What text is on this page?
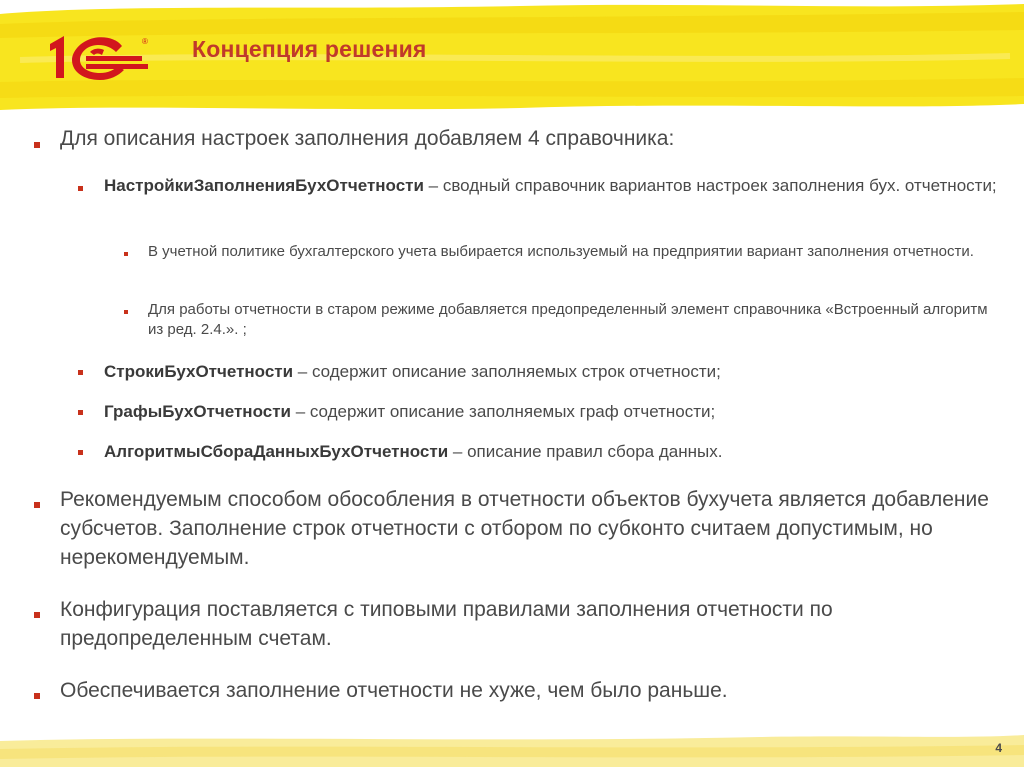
® Концепция решения
Для описания настроек заполнения добавляем 4 справочника:
НастройкиЗаполненияБухОтчетности – сводный справочник вариантов настроек заполнения бух. отчетности;
В учетной политике бухгалтерского учета выбирается используемый на предприятии вариант заполнения отчетности.
Для работы отчетности в старом режиме добавляется предопределенный элемент справочника «Встроенный алгоритм из ред. 2.4.». ;
СтрокиБухОтчетности – содержит описание заполняемых строк отчетности;
ГрафыБухОтчетности – содержит описание заполняемых граф отчетности;
АлгоритмыСбораДанныхБухОтчетности – описание правил сбора данных.
Рекомендуемым способом обособления в отчетности объектов бухучета является добавление субсчетов. Заполнение строк отчетности с отбором по субконто считаем допустимым, но нерекомендуемым.
Конфигурация поставляется с типовыми правилами заполнения отчетности по предопределенным счетам.
Обеспечивается заполнение отчетности не хуже, чем было раньше.
4
